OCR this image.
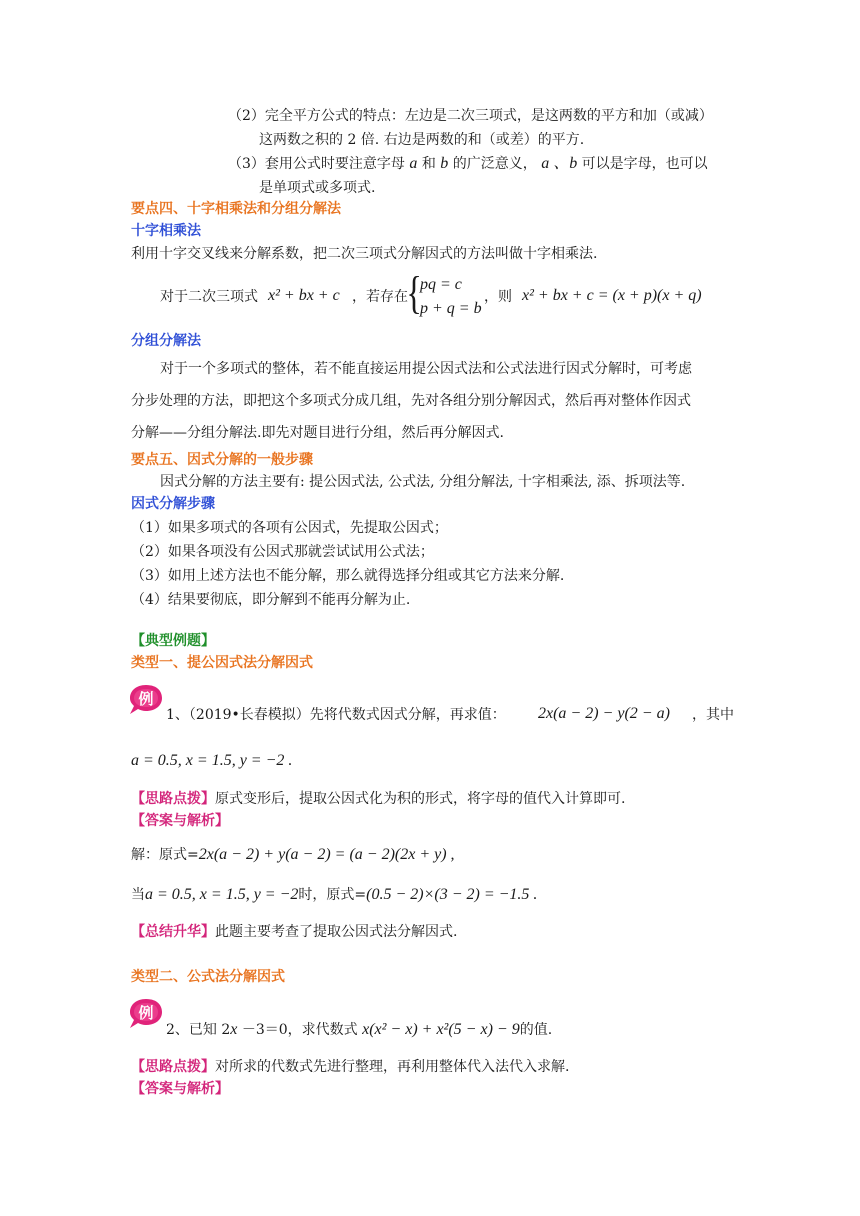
（2）完全平方公式的特点：左边是二次三项式，是这两数的平方和加（或减）
这两数之积的 2 倍. 右边是两数的和（或差）的平方.
（3）套用公式时要注意字母 a 和 b 的广泛意义， a 、b 可以是字母，也可以
是单项式或多项式.
要点四、十字相乘法和分组分解法
十字相乘法
利用十字交叉线来分解系数，把二次三项式分解因式的方法叫做十字相乘法.
对于二次三项式 x² + bx + c ，若存在
{
pq = c
p + q = b
，则 x² + bx + c = (x + p)(x + q)
分组分解法
对于一个多项式的整体，若不能直接运用提公因式法和公式法进行因式分解时，可考虑
分步处理的方法，即把这个多项式分成几组，先对各组分别分解因式，然后再对整体作因式
分解——分组分解法.即先对题目进行分组，然后再分解因式.
要点五、因式分解的一般步骤
因式分解的方法主要有: 提公因式法, 公式法, 分组分解法, 十字相乘法, 添、拆项法等.
因式分解步骤
（1）如果多项式的各项有公因式，先提取公因式；
（2）如果各项没有公因式那就尝试试用公式法；
（3）如用上述方法也不能分解，那么就得选择分组或其它方法来分解.
（4）结果要彻底，即分解到不能再分解为止.
【典型例题】
类型一、提公因式法分解因式
例
1、（2019•长春模拟）先将代数式因式分解，再求值： 2x(a − 2) − y(2 − a) ，其中
a = 0.5, x = 1.5, y = −2 .
【思路点拨】原式变形后，提取公因式化为积的形式，将字母的值代入计算即可.
【答案与解析】
解：原式=2x(a − 2) + y(a − 2) = (a − 2)(2x + y) ,
当a = 0.5, x = 1.5, y = −2时，原式=(0.5 − 2)×(3 − 2) = −1.5 .
【总结升华】此题主要考查了提取公因式法分解因式.
类型二、公式法分解因式
例
2、已知 2x －3＝0，求代数式 x(x² − x) + x²(5 − x) − 9的值.
【思路点拨】对所求的代数式先进行整理，再利用整体代入法代入求解.
【答案与解析】
